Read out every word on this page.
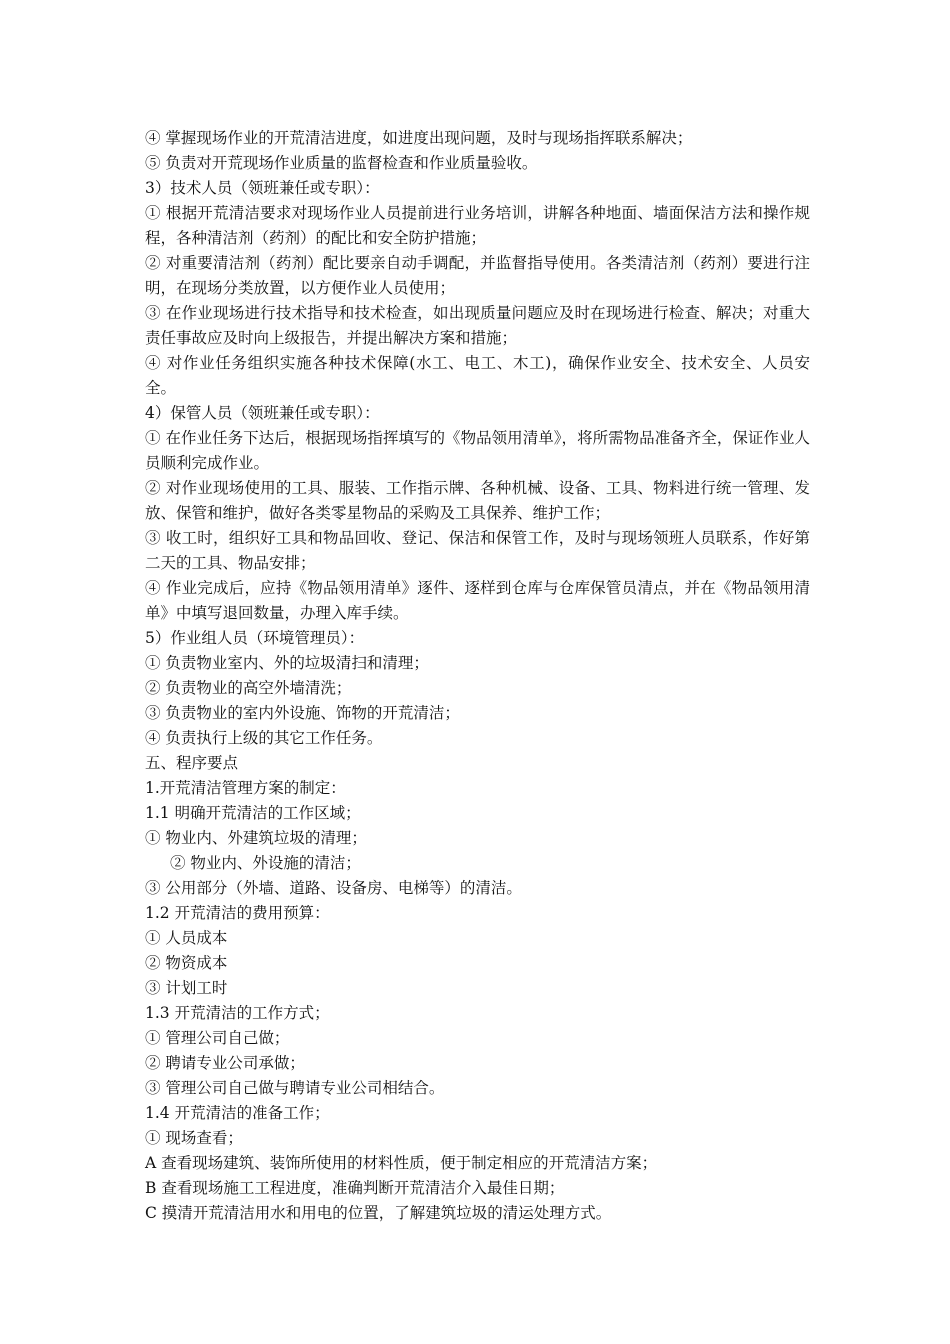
④ 掌握现场作业的开荒清洁进度，如进度出现问题，及时与现场指挥联系解决；

⑤ 负责对开荒现场作业质量的监督检查和作业质量验收。

3）技术人员（领班兼任或专职）：

① 根据开荒清洁要求对现场作业人员提前进行业务培训，讲解各种地面、墙面保洁方法和操作规程，各种清洁剂（药剂）的配比和安全防护措施；

② 对重要清洁剂（药剂）配比要亲自动手调配，并监督指导使用。各类清洁剂（药剂）要进行注明，在现场分类放置，以方便作业人员使用；

③ 在作业现场进行技术指导和技术检查，如出现质量问题应及时在现场进行检查、解决；对重大责任事故应及时向上级报告，并提出解决方案和措施；

④ 对作业任务组织实施各种技术保障(水工、电工、木工)，确保作业安全、技术安全、人员安全。

4）保管人员（领班兼任或专职）：

① 在作业任务下达后，根据现场指挥填写的《物品领用清单》，将所需物品准备齐全，保证作业人员顺利完成作业。

② 对作业现场使用的工具、服装、工作指示牌、各种机械、设备、工具、物料进行统一管理、发放、保管和维护，做好各类零星物品的采购及工具保养、维护工作；

③ 收工时，组织好工具和物品回收、登记、保洁和保管工作，及时与现场领班人员联系，作好第二天的工具、物品安排；

④ 作业完成后，应持《物品领用清单》逐件、逐样到仓库与仓库保管员清点，并在《物品领用清单》中填写退回数量，办理入库手续。

5）作业组人员（环境管理员）：

① 负责物业室内、外的垃圾清扫和清理；

② 负责物业的高空外墙清洗；

③ 负责物业的室内外设施、饰物的开荒清洁；

④ 负责执行上级的其它工作任务。

五、程序要点

1.开荒清洁管理方案的制定：

1.1 明确开荒清洁的工作区域；

① 物业内、外建筑垃圾的清理；

② 物业内、外设施的清洁；

③ 公用部分（外墙、道路、设备房、电梯等）的清洁。

1.2 开荒清洁的费用预算：

① 人员成本

② 物资成本

③ 计划工时

1.3 开荒清洁的工作方式；

① 管理公司自己做；

② 聘请专业公司承做；

③ 管理公司自己做与聘请专业公司相结合。

1.4 开荒清洁的准备工作；

① 现场查看；

A 查看现场建筑、装饰所使用的材料性质，便于制定相应的开荒清洁方案；

B 查看现场施工工程进度，准确判断开荒清洁介入最佳日期；

C 摸清开荒清洁用水和用电的位置，了解建筑垃圾的清运处理方式。
